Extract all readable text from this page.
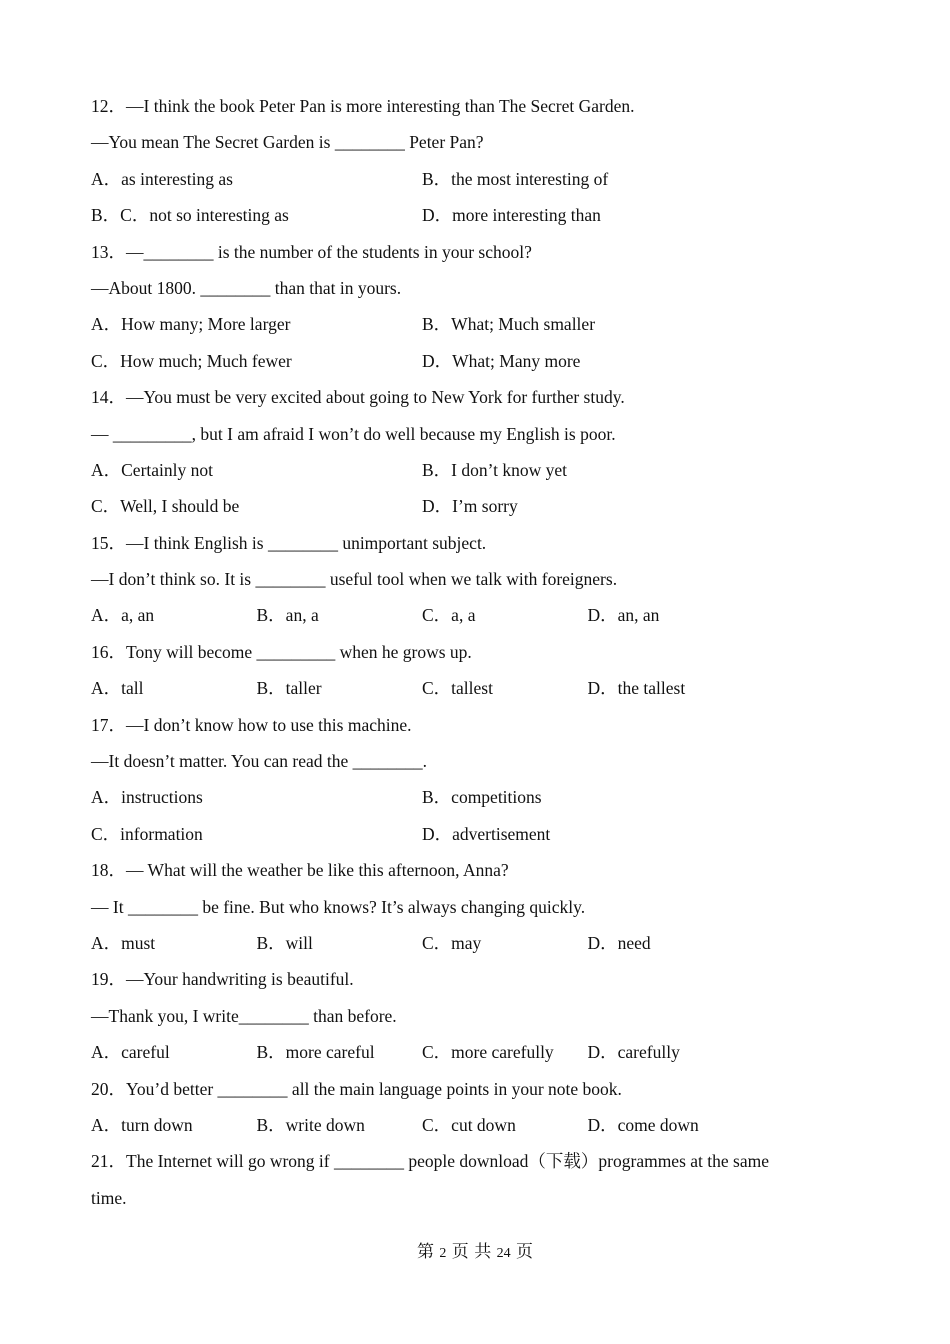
12．—I think the book Peter Pan is more interesting than The Secret Garden.
—You mean The Secret Garden is ________ Peter Pan?
A．as interesting as	B．the most interesting of
B．C．not so interesting as	D．more interesting than
13．—________ is the number of the students in your school?
—About 1800. ________ than that in yours.
A．How many; More larger	B．What; Much smaller
C．How much; Much fewer	D．What; Many more
14．—You must be very excited about going to New York for further study.
— _________, but I am afraid I won’t do well because my English is poor.
A．Certainly not	B．I don’t know yet
C．Well, I should be	D．I’m sorry
15．—I think English is ________ unimportant subject.
—I don’t think so. It is ________ useful tool when we talk with foreigners.
A．a, an	B．an, a	C．a, a	D．an, an
16．Tony will become _________ when he grows up.
A．tall	B．taller	C．tallest	D．the tallest
17．—I don’t know how to use this machine.
—It doesn’t matter. You can read the ________.
A．instructions	B．competitions
C．information	D．advertisement
18．— What will the weather be like this afternoon, Anna?
— It ________ be fine. But who knows? It’s always changing quickly.
A．must	B．will	C．may	D．need
19．—Your handwriting is beautiful.
—Thank you, I write________ than before.
A．careful	B．more careful	C．more carefully	D．carefully
20．You’d better ________ all the main language points in your note book.
A．turn down	B．write down	C．cut down	D．come down
21．The Internet will go wrong if ________ people download（下载）programmes at the same
time.
第 2 页 共 24 页
